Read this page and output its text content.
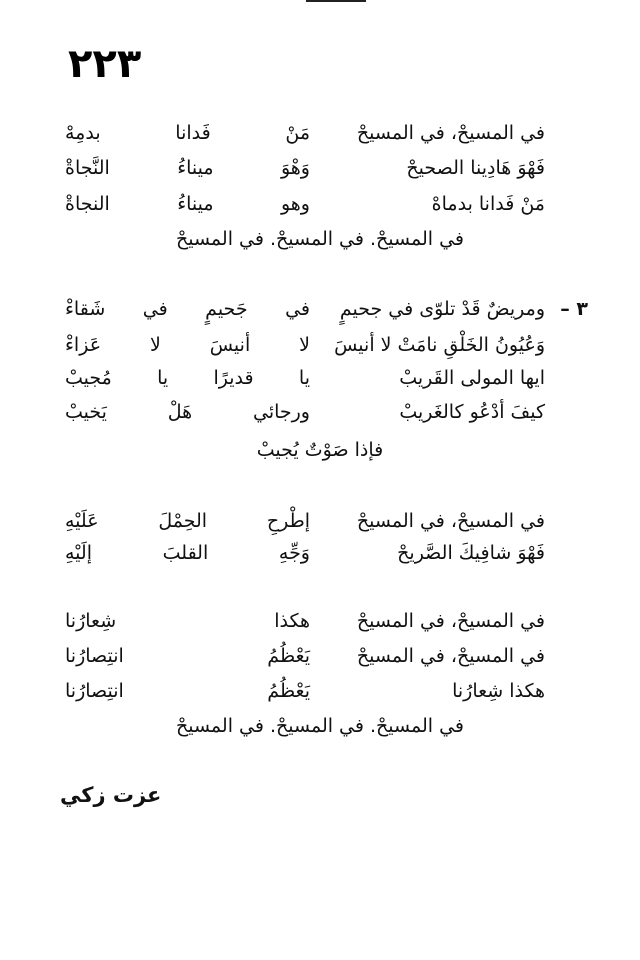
٢٢٣
في المسيحْ، في المسيحْ
مَنْ فَدانا بدمِهْ
فَهْوَ هَادِينا الصحيحْ
وَهْوَ ميناءُ النَّجاةْ
مَنْ فَدانا بدماهْ
وهو ميناءُ النجاةْ
في المسيحْ. في المسيحْ. في المسيحْ
٣ –
ومريضٌ قَدْ تلوّى في جحيمٍ
في جَحيمٍ في شَقاءْ
وَعُيُونُ الخَلْقِ نامَتْ لا أنيسَ
لا أنيسَ لا عَزاءْ
ايها المولى القَريبْ
يا قديرًا يا مُجيبْ
كيفَ أدْعُو كالغَريبْ
ورجائي هَلْ يَخيبْ
فإذا صَوْتٌ يُجيبْ
في المسيحْ، في المسيحْ
إطْرحِ الحِمْلَ عَلَيْهِ
فَهْوَ شافِيكَ الصَّريحْ
وَجِّهِ القلبَ إلَيْهِ
في المسيحْ، في المسيحْ
هكذا شِعارُنا
في المسيحْ، في المسيحْ
يَعْظُمُ انتِصارُنا
هكذا شِعارُنا
يَعْظُمُ انتِصارُنا
في المسيحْ. في المسيحْ. في المسيحْ
عزت زكي
